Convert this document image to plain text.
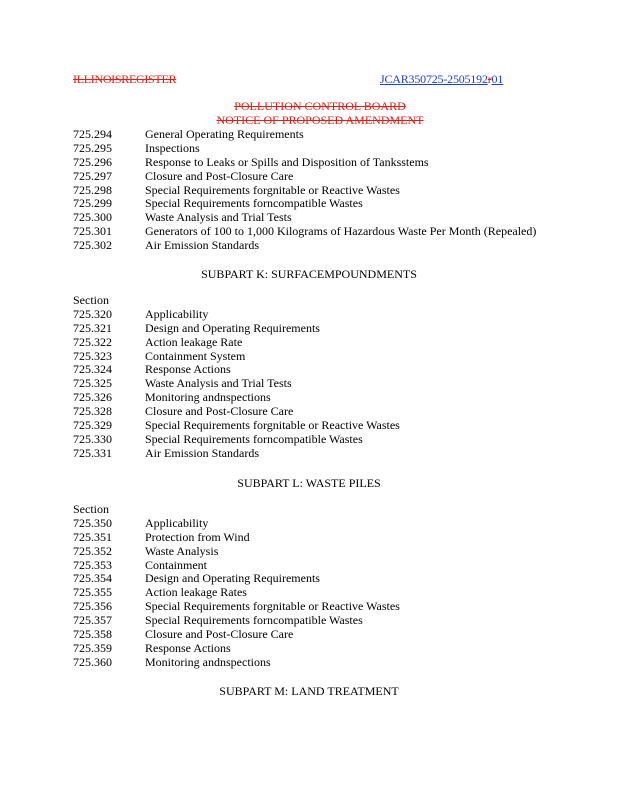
ILLINOISREGISTER	JCAR350725-2505192r01
POLLUTION CONTROL BOARD
NOTICE OF PROPOSED AMENDMENT
725.294	General Operating Requirements
725.295	Inspections
725.296	Response to Leaks or Spills and Disposition of Tanksstems
725.297	Closure and Post-Closure Care
725.298	Special Requirements forgnitable or Reactive Wastes
725.299	Special Requirements forncompatible Wastes
725.300	Waste Analysis and Trial Tests
725.301	Generators of 100 to 1,000 Kilograms of Hazardous Waste Per Month (Repealed)
725.302	Air Emission Standards
SUBPART K: SURFACEMPOUNDMENTS
Section
725.320	Applicability
725.321	Design and Operating Requirements
725.322	Action leakage Rate
725.323	Containment System
725.324	Response Actions
725.325	Waste Analysis and Trial Tests
725.326	Monitoring andnspections
725.328	Closure and Post-Closure Care
725.329	Special Requirements forgnitable or Reactive Wastes
725.330	Special Requirements forncompatible Wastes
725.331	Air Emission Standards
SUBPART L: WASTE PILES
Section
725.350	Applicability
725.351	Protection from Wind
725.352	Waste Analysis
725.353	Containment
725.354	Design and Operating Requirements
725.355	Action leakage Rates
725.356	Special Requirements forgnitable or Reactive Wastes
725.357	Special Requirements forncompatible Wastes
725.358	Closure and Post-Closure Care
725.359	Response Actions
725.360	Monitoring andnspections
SUBPART M: LAND TREATMENT
